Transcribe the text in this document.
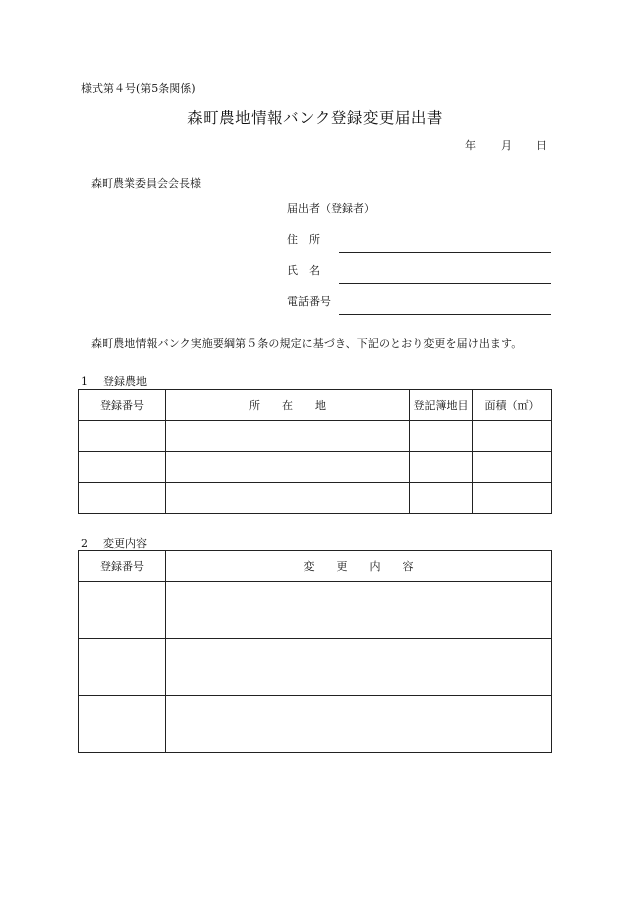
様式第４号(第5条関係)
森町農地情報バンク登録変更届出書
年 月 日
森町農業委員会会長様
届出者（登録者）
住　所
氏　名
電話番号
森町農地情報バンク実施要綱第５条の規定に基づき、下記のとおり変更を届け出ます。
1 登録農地
登録番号	所　　在　　地	登記簿地目	面積（㎡）

2 変更内容
登録番号	変　　更　　内　　容
